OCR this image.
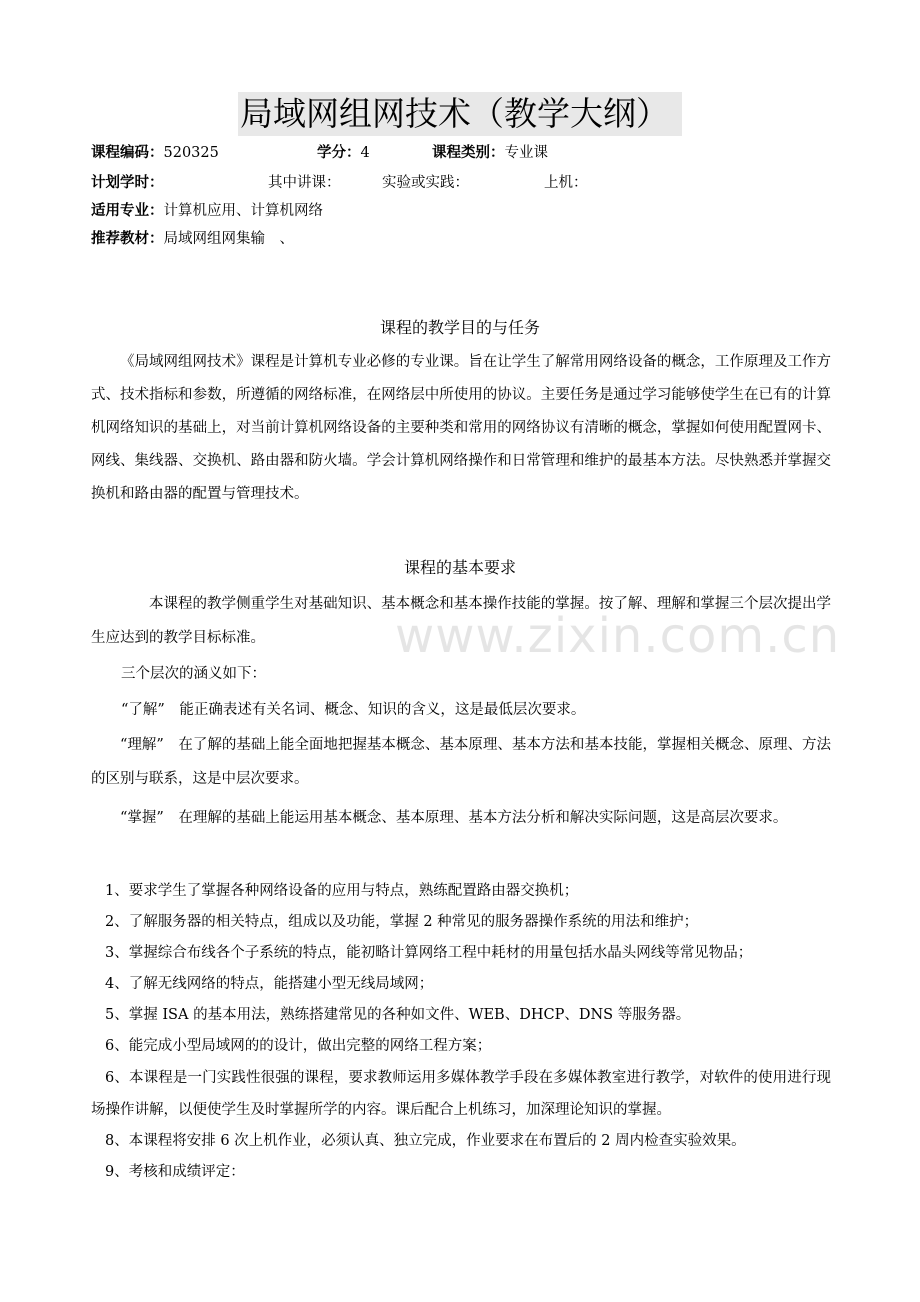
局域网组网技术（教学大纲）
课程编码：520325	学分：4	课程类别：专业课
计划学时：	其中讲课：	实验或实践：	上机：
适用专业：计算机应用、计算机网络
推荐教材：局域网组网集输　、
课程的教学目的与任务
《局域网组网技术》课程是计算机专业必修的专业课。旨在让学生了解常用网络设备的概念，工作原理及工作方式、技术指标和参数，所遵循的网络标准，在网络层中所使用的协议。主要任务是通过学习能够使学生在已有的计算机网络知识的基础上，对当前计算机网络设备的主要种类和常用的网络协议有清晰的概念，掌握如何使用配置网卡、网线、集线器、交换机、路由器和防火墙。学会计算机网络操作和日常管理和维护的最基本方法。尽快熟悉并掌握交换机和路由器的配置与管理技术。
课程的基本要求
本课程的教学侧重学生对基础知识、基本概念和基本操作技能的掌握。按了解、理解和掌握三个层次提出学生应达到的教学目标标准。	www.zixin.com.cn
三个层次的涵义如下：
“了解”　能正确表述有关名词、概念、知识的含义，这是最低层次要求。
“理解”　在了解的基础上能全面地把握基本概念、基本原理、基本方法和基本技能，掌握相关概念、原理、方法的区别与联系，这是中层次要求。
“掌握”　在理解的基础上能运用基本概念、基本原理、基本方法分析和解决实际问题，这是高层次要求。
1、要求学生了掌握各种网络设备的应用与特点，熟练配置路由器交换机；
2、了解服务器的相关特点，组成以及功能，掌握 2 种常见的服务器操作系统的用法和维护；
3、掌握综合布线各个子系统的特点，能初略计算网络工程中耗材的用量包括水晶头网线等常见物品；
4、了解无线网络的特点，能搭建小型无线局域网；
5、掌握 ISA 的基本用法，熟练搭建常见的各种如文件、WEB、DHCP、DNS 等服务器。
6、能完成小型局域网的的设计，做出完整的网络工程方案；
6、本课程是一门实践性很强的课程，要求教师运用多媒体教学手段在多媒体教室进行教学，对软件的使用进行现场操作讲解，以便使学生及时掌握所学的内容。课后配合上机练习，加深理论知识的掌握。
8、本课程将安排 6 次上机作业，必须认真、独立完成，作业要求在布置后的 2 周内检查实验效果。
9、考核和成绩评定：
